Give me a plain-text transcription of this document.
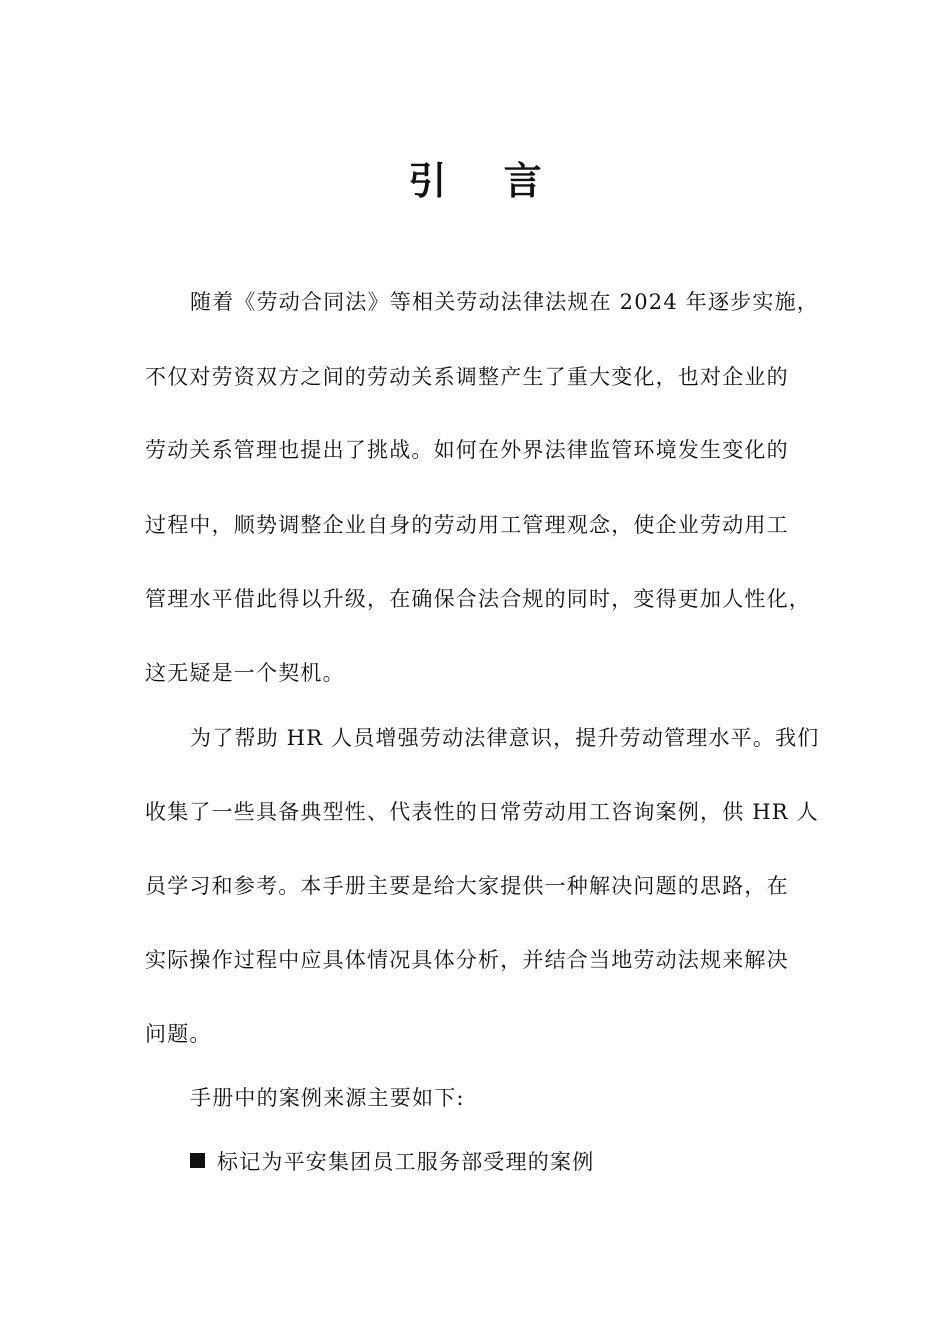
引 言
随着《劳动合同法》等相关劳动法律法规在 2024 年逐步实施，
不仅对劳资双方之间的劳动关系调整产生了重大变化，也对企业的
劳动关系管理也提出了挑战。如何在外界法律监管环境发生变化的
过程中，顺势调整企业自身的劳动用工管理观念，使企业劳动用工
管理水平借此得以升级，在确保合法合规的同时，变得更加人性化，
这无疑是一个契机。
为了帮助 HR 人员增强劳动法律意识，提升劳动管理水平。我们
收集了一些具备典型性、代表性的日常劳动用工咨询案例，供 HR 人
员学习和参考。本手册主要是给大家提供一种解决问题的思路，在
实际操作过程中应具体情况具体分析，并结合当地劳动法规来解决
问题。
手册中的案例来源主要如下:
标记为平安集团员工服务部受理的案例
